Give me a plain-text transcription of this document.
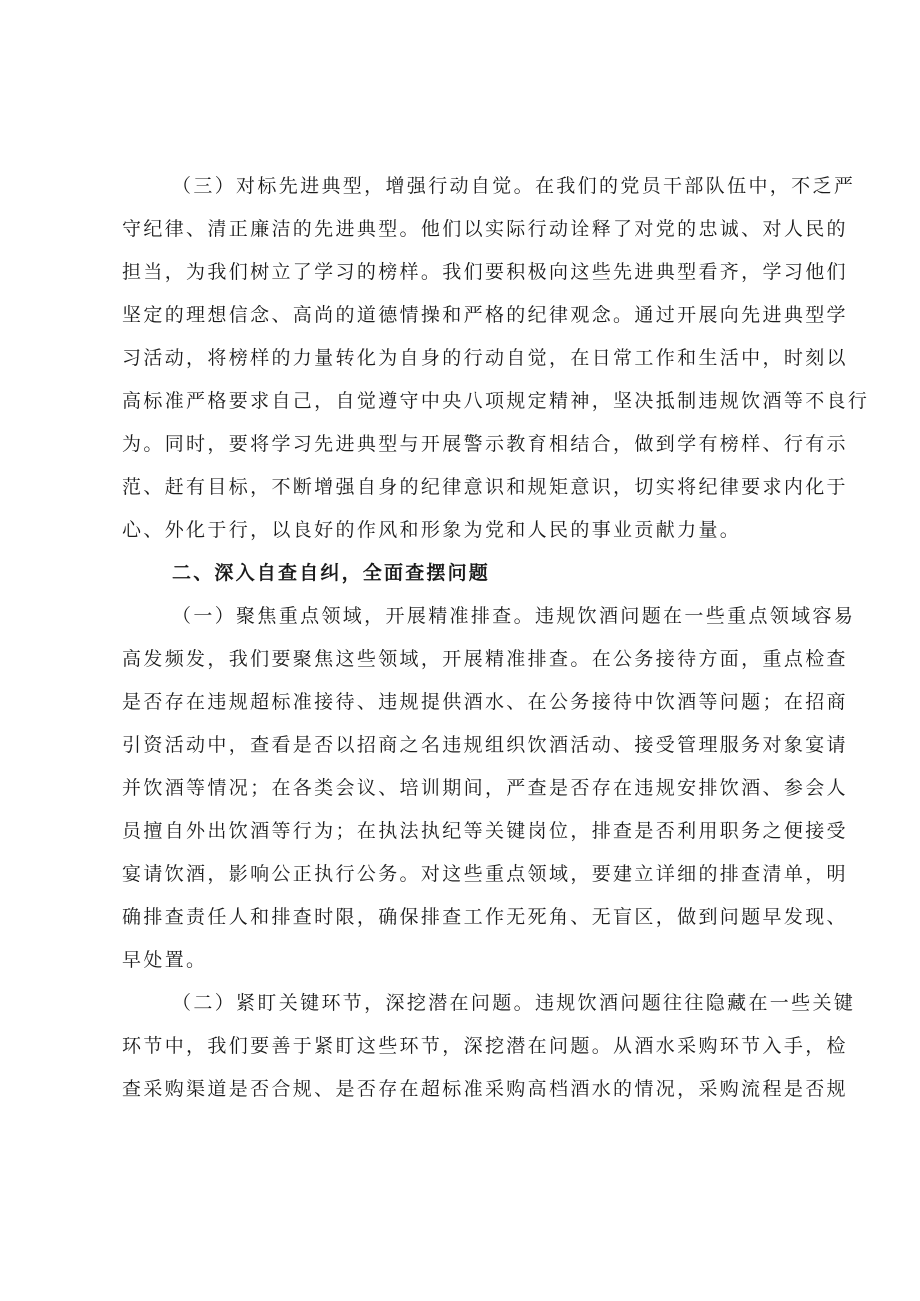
（三）对标先进典型，增强行动自觉。在我们的党员干部队伍中，不乏严
守纪律、清正廉洁的先进典型。他们以实际行动诠释了对党的忠诚、对人民的
担当，为我们树立了学习的榜样。我们要积极向这些先进典型看齐，学习他们
坚定的理想信念、高尚的道德情操和严格的纪律观念。通过开展向先进典型学
习活动，将榜样的力量转化为自身的行动自觉，在日常工作和生活中，时刻以
高标准严格要求自己，自觉遵守中央八项规定精神，坚决抵制违规饮酒等不良行
为。同时，要将学习先进典型与开展警示教育相结合，做到学有榜样、行有示
范、赶有目标，不断增强自身的纪律意识和规矩意识，切实将纪律要求内化于
心、外化于行，以良好的作风和形象为党和人民的事业贡献力量。
二、深入自查自纠，全面查摆问题
（一）聚焦重点领域，开展精准排查。违规饮酒问题在一些重点领域容易
高发频发，我们要聚焦这些领域，开展精准排查。在公务接待方面，重点检查
是否存在违规超标准接待、违规提供酒水、在公务接待中饮酒等问题；在招商
引资活动中，查看是否以招商之名违规组织饮酒活动、接受管理服务对象宴请
并饮酒等情况；在各类会议、培训期间，严查是否存在违规安排饮酒、参会人
员擅自外出饮酒等行为；在执法执纪等关键岗位，排查是否利用职务之便接受
宴请饮酒，影响公正执行公务。对这些重点领域，要建立详细的排查清单，明
确排查责任人和排查时限，确保排查工作无死角、无盲区，做到问题早发现、
早处置。
（二）紧盯关键环节，深挖潜在问题。违规饮酒问题往往隐藏在一些关键
环节中，我们要善于紧盯这些环节，深挖潜在问题。从酒水采购环节入手，检
查采购渠道是否合规、是否存在超标准采购高档酒水的情况，采购流程是否规
